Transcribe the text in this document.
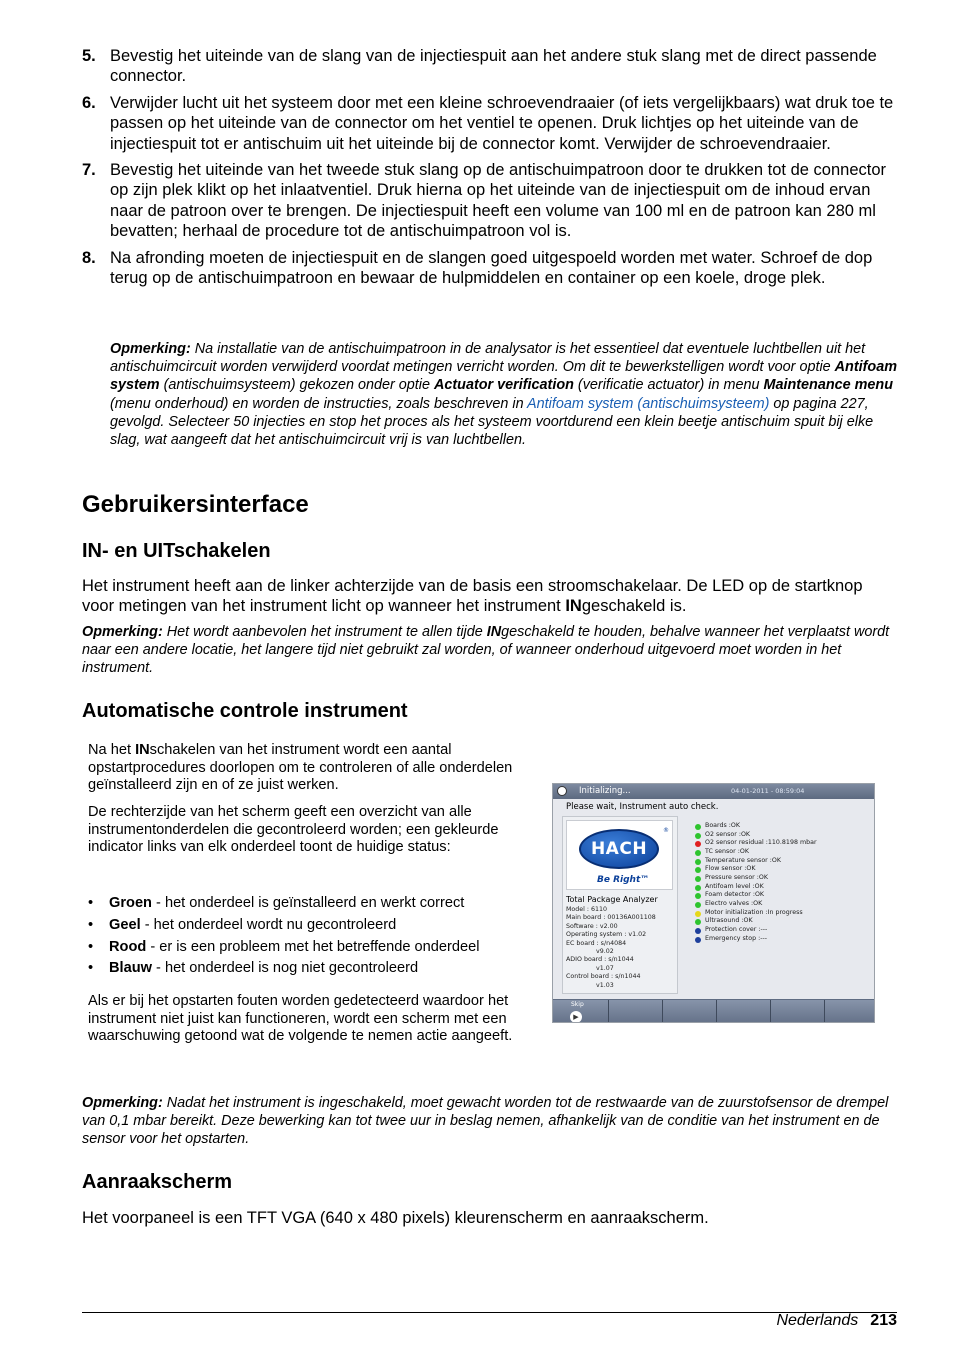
5. Bevestig het uiteinde van de slang van de injectiespuit aan het andere stuk slang met de direct passende connector.
6. Verwijder lucht uit het systeem door met een kleine schroevendraaier (of iets vergelijkbaars) wat druk toe te passen op het uiteinde van de connector om het ventiel te openen. Druk lichtjes op het uiteinde van de injectiespuit tot er antischuim uit het uiteinde bij de connector komt. Verwijder de schroevendraaier.
7. Bevestig het uiteinde van het tweede stuk slang op de antischuimpatroon door te drukken tot de connector op zijn plek klikt op het inlaatventiel. Druk hierna op het uiteinde van de injectiespuit om de inhoud ervan naar de patroon over te brengen. De injectiespuit heeft een volume van 100 ml en de patroon kan 280 ml bevatten; herhaal de procedure tot de antischuimpatroon vol is.
8. Na afronding moeten de injectiespuit en de slangen goed uitgespoeld worden met water. Schroef de dop terug op de antischuimpatroon en bewaar de hulpmiddelen en container op een koele, droge plek.
Opmerking: Na installatie van de antischuimpatroon in de analysator is het essentieel dat eventuele luchtbellen uit het antischuimcircuit worden verwijderd voordat metingen verricht worden. Om dit te bewerkstelligen wordt voor optie Antifoam system (antischuimsysteem) gekozen onder optie Actuator verification (verificatie actuator) in menu Maintenance menu (menu onderhoud) en worden de instructies, zoals beschreven in Antifoam system (antischuimsysteem) op pagina 227, gevolgd. Selecteer 50 injecties en stop het proces als het systeem voortdurend een klein beetje antischuim spuit bij elke slag, wat aangeeft dat het antischuimcircuit vrij is van luchtbellen.
Gebruikersinterface
IN- en UITschakelen
Het instrument heeft aan de linker achterzijde van de basis een stroomschakelaar. De LED op de startknop voor metingen van het instrument licht op wanneer het instrument INgeschakeld is.
Opmerking: Het wordt aanbevolen het instrument te allen tijde INgeschakeld te houden, behalve wanneer het verplaatst wordt naar een andere locatie, het langere tijd niet gebruikt zal worden, of wanneer onderhoud uitgevoerd moet worden in het instrument.
Automatische controle instrument
Na het INschakelen van het instrument wordt een aantal opstartprocedures doorlopen om te controleren of alle onderdelen geïnstalleerd zijn en of ze juist werken.
De rechterzijde van het scherm geeft een overzicht van alle instrumentonderdelen die gecontroleerd worden; een gekleurde indicator links van elk onderdeel toont de huidige status:
• Groen - het onderdeel is geïnstalleerd en werkt correct
• Geel - het onderdeel wordt nu gecontroleerd
• Rood - er is een probleem met het betreffende onderdeel
• Blauw - het onderdeel is nog niet gecontroleerd
Als er bij het opstarten fouten worden gedetecteerd waardoor het instrument niet juist kan functioneren, wordt een scherm met een waarschuwing getoond wat de volgende te nemen actie aangeeft.
Initializing...	04-01-2011 - 08:59:04
Please wait, Instrument auto check.
HACH
®
Be Right™
Total Package Analyzer
Model : 6110
Main board : 00136A001108
Software : v2.00
Operating system : v1.02
EC board : s/n4084
v9.02
ADIO board : s/n1044
v1.07
Control board : s/n1044
v1.03
Boards :OK
O2 sensor :OK
O2 sensor residual :110.8198 mbar
TC sensor :OK
Temperature sensor :OK
Flow sensor :OK
Pressure sensor :OK
Antifoam level :OK
Foam detector :OK
Electro valves :OK
Motor initialization :In progress
Ultrasound :OK
Protection cover :---
Emergency stop :---
Skip
▶
Opmerking: Nadat het instrument is ingeschakeld, moet gewacht worden tot de restwaarde van de zuurstofsensor de drempel van 0,1 mbar bereikt. Deze bewerking kan tot twee uur in beslag nemen, afhankelijk van de conditie van het instrument en de sensor voor het opstarten.
Aanraakscherm
Het voorpaneel is een TFT VGA (640 x 480 pixels) kleurenscherm en aanraakscherm.
Nederlands 213
